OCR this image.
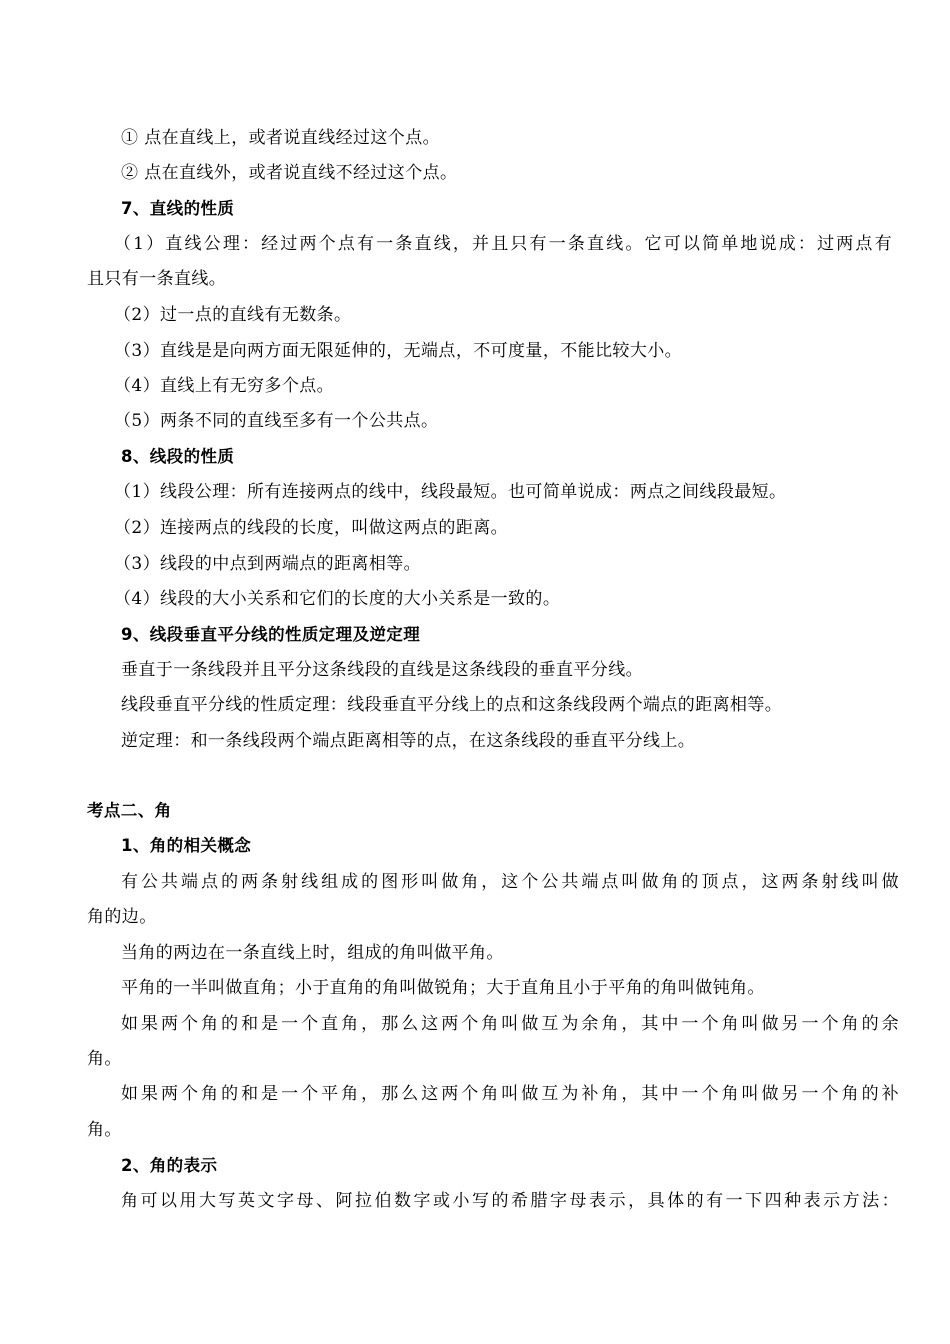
① 点在直线上，或者说直线经过这个点。
② 点在直线外，或者说直线不经过这个点。
7、直线的性质
（1）直线公理：经过两个点有一条直线，并且只有一条直线。它可以简单地说成：过两点有
且只有一条直线。
（2）过一点的直线有无数条。
（3）直线是是向两方面无限延伸的，无端点，不可度量，不能比较大小。
（4）直线上有无穷多个点。
（5）两条不同的直线至多有一个公共点。
8、线段的性质
（1）线段公理：所有连接两点的线中，线段最短。也可简单说成：两点之间线段最短。
（2）连接两点的线段的长度，叫做这两点的距离。
（3）线段的中点到两端点的距离相等。
（4）线段的大小关系和它们的长度的大小关系是一致的。
9、线段垂直平分线的性质定理及逆定理
垂直于一条线段并且平分这条线段的直线是这条线段的垂直平分线。
线段垂直平分线的性质定理：线段垂直平分线上的点和这条线段两个端点的距离相等。
逆定理：和一条线段两个端点距离相等的点，在这条线段的垂直平分线上。
考点二、角
1、角的相关概念
有公共端点的两条射线组成的图形叫做角，这个公共端点叫做角的顶点，这两条射线叫做
角的边。
当角的两边在一条直线上时，组成的角叫做平角。
平角的一半叫做直角；小于直角的角叫做锐角；大于直角且小于平角的角叫做钝角。
如果两个角的和是一个直角，那么这两个角叫做互为余角，其中一个角叫做另一个角的余
角。
如果两个角的和是一个平角，那么这两个角叫做互为补角，其中一个角叫做另一个角的补
角。
2、角的表示
角可以用大写英文字母、阿拉伯数字或小写的希腊字母表示，具体的有一下四种表示方法：
